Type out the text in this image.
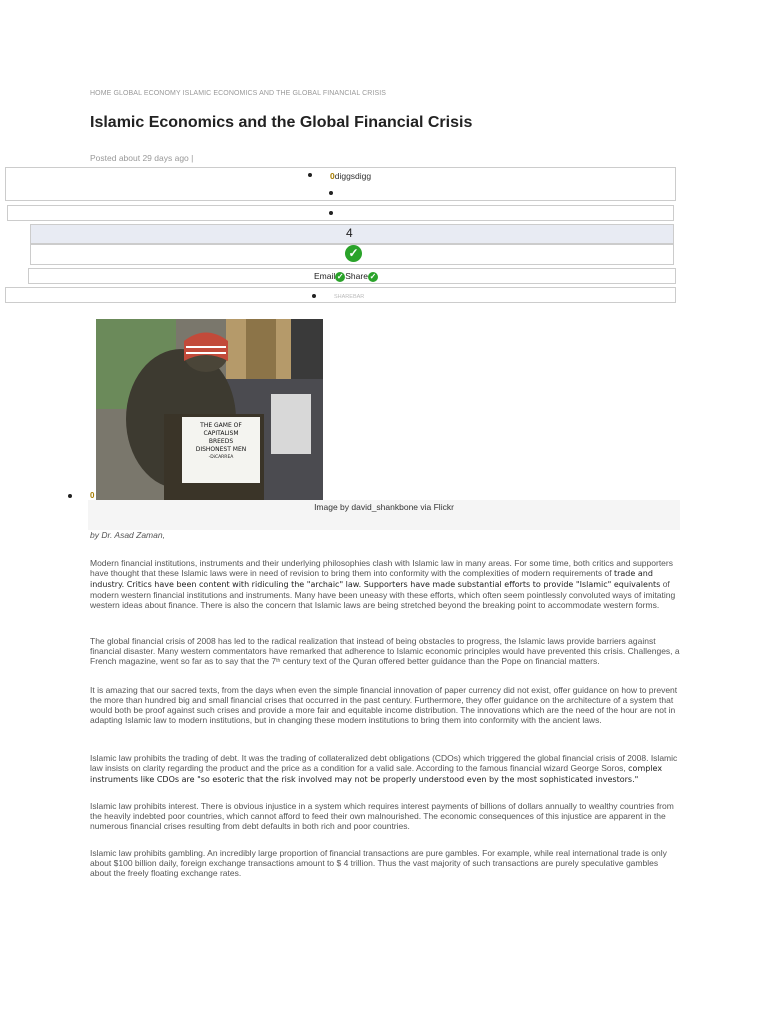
HOME GLOBAL ECONOMY ISLAMIC ECONOMICS AND THE GLOBAL FINANCIAL CRISIS
Islamic Economics and the Global Financial Crisis
Posted about 29 days ago |
0diggsdigg
4
✓
Email ✓ Share ✓
SHAREBAR
THE GAME OF
CAPITALISM
BREEDS
DISHONEST MEN
-DiCARREA
0
Image by david_shankbone via Flickr
by Dr. Asad Zaman,

Modern financial institutions, instruments and their underlying philosophies clash with Islamic law in many areas. For some time, both critics and supporters have thought that these Islamic laws were in need of revision to bring them into conformity with the complexities of modern requirements of trade and industry. Critics have been content with ridiculing the "archaic" law. Supporters have made substantial efforts to provide "Islamic" equivalents of modern western financial institutions and instruments. Many have been uneasy with these efforts, which often seem pointlessly convoluted ways of imitating western ideas about finance. There is also the concern that Islamic laws are being stretched beyond the breaking point to accommodate western forms.

The global financial crisis of 2008 has led to the radical realization that instead of being obstacles to progress, the Islamic laws provide barriers against financial disaster. Many western commentators have remarked that adherence to Islamic economic principles would have prevented this crisis. Challenges, a French magazine, went so far as to say that the 7th century text of the Quran offered better guidance than the Pope on financial matters.

It is amazing that our sacred texts, from the days when even the simple financial innovation of paper currency did not exist, offer guidance on how to prevent the more than hundred big and small financial crises that occurred in the past century. Furthermore, they offer guidance on the architecture of a system that would both be proof against such crises and provide a more fair and equitable income distribution. The innovations which are the need of the hour are not in adapting Islamic law to modern institutions, but in changing these modern institutions to bring them into conformity with the ancient laws.

Islamic law prohibits the trading of debt. It was the trading of collateralized debt obligations (CDOs) which triggered the global financial crisis of 2008. Islamic law insists on clarity regarding the product and the price as a condition for a valid sale. According to the famous financial wizard George Soros, complex instruments like CDOs are "so esoteric that the risk involved may not be properly understood even by the most sophisticated investors."

Islamic law prohibits interest. There is obvious injustice in a system which requires interest payments of billions of dollars annually to wealthy countries from the heavily indebted poor countries, which cannot afford to feed their own malnourished. The economic consequences of this injustice are apparent in the numerous financial crises resulting from debt defaults in both rich and poor countries.

Islamic law prohibits gambling. An incredibly large proportion of financial transactions are pure gambles. For example, while real international trade is only about $100 billion daily, foreign exchange transactions amount to $ 4 trillion. Thus the vast majority of such transactions are purely speculative gambles about the freely floating exchange rates.
